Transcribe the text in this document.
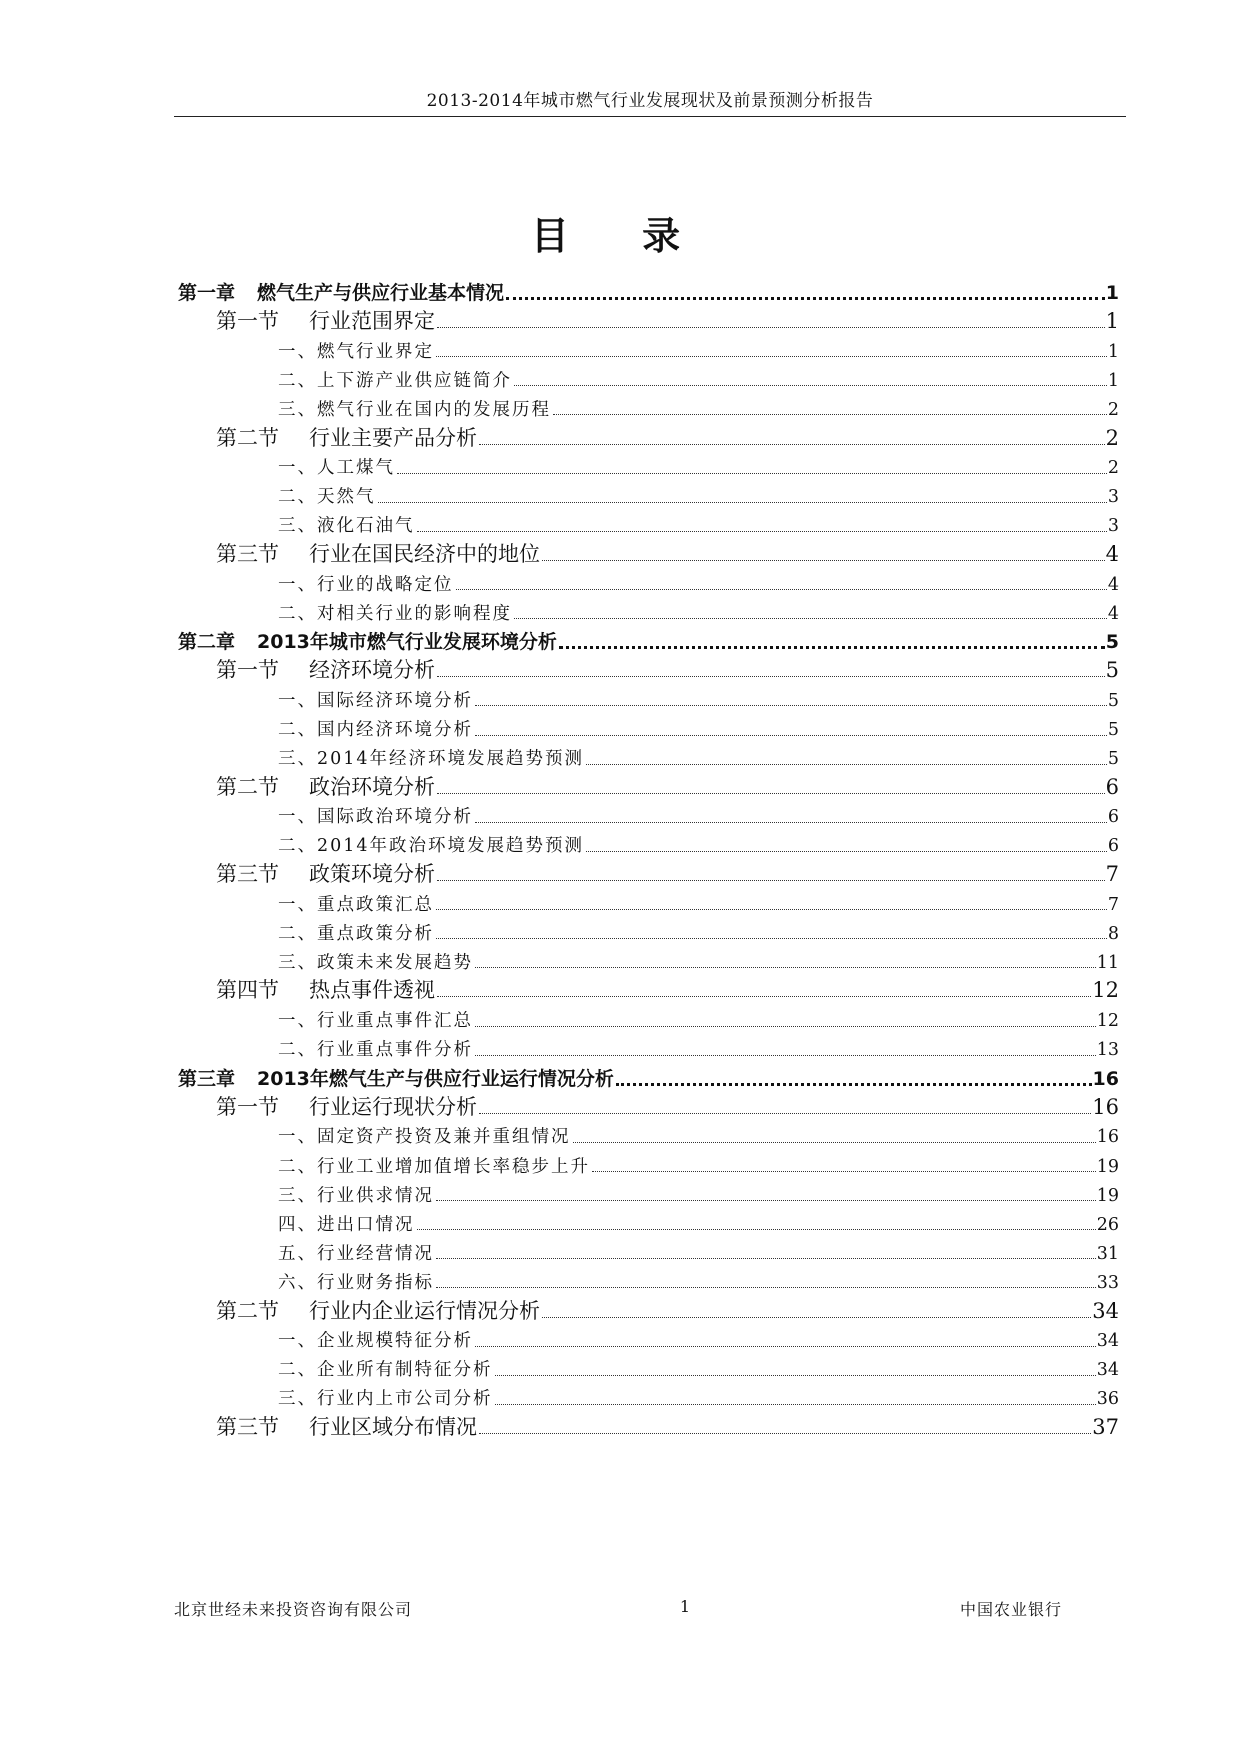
2013-2014年城市燃气行业发展现状及前景预测分析报告
目 录
第一章 燃气生产与供应行业基本情况	1
第一节 行业范围界定	1
一、燃气行业界定	1
二、上下游产业供应链简介	1
三、燃气行业在国内的发展历程	2
第二节 行业主要产品分析	2
一、人工煤气	2
二、天然气	3
三、液化石油气	3
第三节 行业在国民经济中的地位	4
一、行业的战略定位	4
二、对相关行业的影响程度	4
第二章 2013年城市燃气行业发展环境分析	5
第一节 经济环境分析	5
一、国际经济环境分析	5
二、国内经济环境分析	5
三、2014年经济环境发展趋势预测	5
第二节 政治环境分析	6
一、国际政治环境分析	6
二、2014年政治环境发展趋势预测	6
第三节 政策环境分析	7
一、重点政策汇总	7
二、重点政策分析	8
三、政策未来发展趋势	11
第四节 热点事件透视	12
一、行业重点事件汇总	12
二、行业重点事件分析	13
第三章 2013年燃气生产与供应行业运行情况分析	16
第一节 行业运行现状分析	16
一、固定资产投资及兼并重组情况	16
二、行业工业增加值增长率稳步上升	19
三、行业供求情况	19
四、进出口情况	26
五、行业经营情况	31
六、行业财务指标	33
第二节 行业内企业运行情况分析	34
一、企业规模特征分析	34
二、企业所有制特征分析	34
三、行业内上市公司分析	36
第三节 行业区域分布情况	37
北京世经未来投资咨询有限公司	1	中国农业银行
